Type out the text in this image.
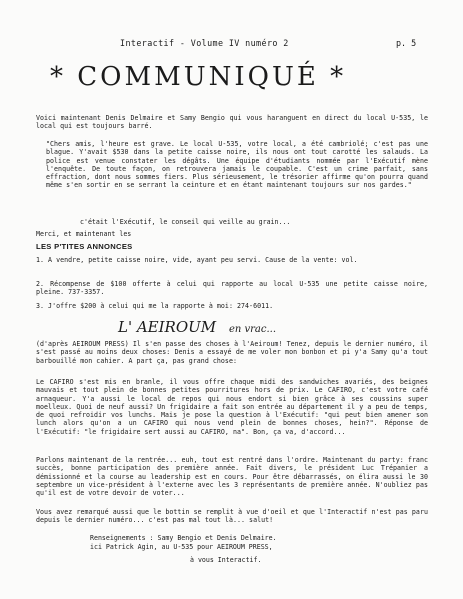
Interactif - Volume IV numéro 2	p. 5
* COMMUNIQUÉ *
Voici maintenant Denis Delmaire et Samy Bengio qui vous haranguent en direct du local U-535, le local qui est toujours barré.
"Chers amis, l'heure est grave. Le local U-535, votre local, a été cambriolé; c'est pas une blague. Y'avait $530 dans la petite caisse noire, ils nous ont tout carotté les salauds. La police est venue constater les dégâts. Une équipe d'étudiants nommée par l'Exécutif mène l'enquête. De toute façon, on retrouvera jamais le coupable. C'est un crime parfait, sans effraction, dont nous sommes fiers. Plus sérieusement, le trésorier affirme qu'on pourra quand même s'en sortir en se serrant la ceinture et en étant maintenant toujours sur nos gardes."
c'était l'Exécutif, le conseil qui veille au grain...
Merci, et maintenant les
LES P'TITES ANNONCES
1. A vendre, petite caisse noire, vide, ayant peu servi. Cause de la vente: vol.
2. Récompense de $100 offerte à celui qui rapporte au local U-535 une petite caisse noire, pleine. 737-3357.
3. J'offre $200 à celui qui me la rapporte à moi: 274-6011.
L' AEIROUM en vrac...
(d'après AEIROUM PRESS) Il s'en passe des choses à l'Aeiroum! Tenez, depuis le dernier numéro, il s'est passé au moins deux choses: Denis a essayé de me voler mon bonbon et pi y'a Samy qu'a tout barbouillé mon cahier. A part ça, pas grand chose:
Le CAFIRO s'est mis en branle, il vous offre chaque midi des sandwiches avariés, des beignes mauvais et tout plein de bonnes petites pourritures hors de prix. Le CAFIRO, c'est votre café arnaqueur. Y'a aussi le local de repos qui nous endort si bien grâce à ses coussins super moelleux. Quoi de neuf aussi? Un frigidaire a fait son entrée au département il y a peu de temps, de quoi refroidir vos lunchs. Mais je pose la question à l'Exécutif: "qui peut bien amener son lunch alors qu'on a un CAFIRO qui nous vend plein de bonnes choses, hein?". Réponse de l'Exécutif: "le frigidaire sert aussi au CAFIRO, na". Bon, ça va, d'accord...
Parlons maintenant de la rentrée... euh, tout est rentré dans l'ordre. Maintenant du party: franc succès, bonne participation des première année. Fait divers, le président Luc Trépanier a démissionné et la course au leadership est en cours. Pour être débarrassés, on élira aussi le 30 septembre un vice-président à l'externe avec les 3 représentants de première année. N'oubliez pas qu'il est de votre devoir de voter...
Vous avez remarqué aussi que le bottin se remplit à vue d'oeil et que l'Interactif n'est pas paru depuis le dernier numéro... c'est pas mal tout là... salut!
Renseignements : Samy Bengio et Denis Delmaire.
ici Patrick Agin, au U-535 pour AEIROUM PRESS,
à vous Interactif.
